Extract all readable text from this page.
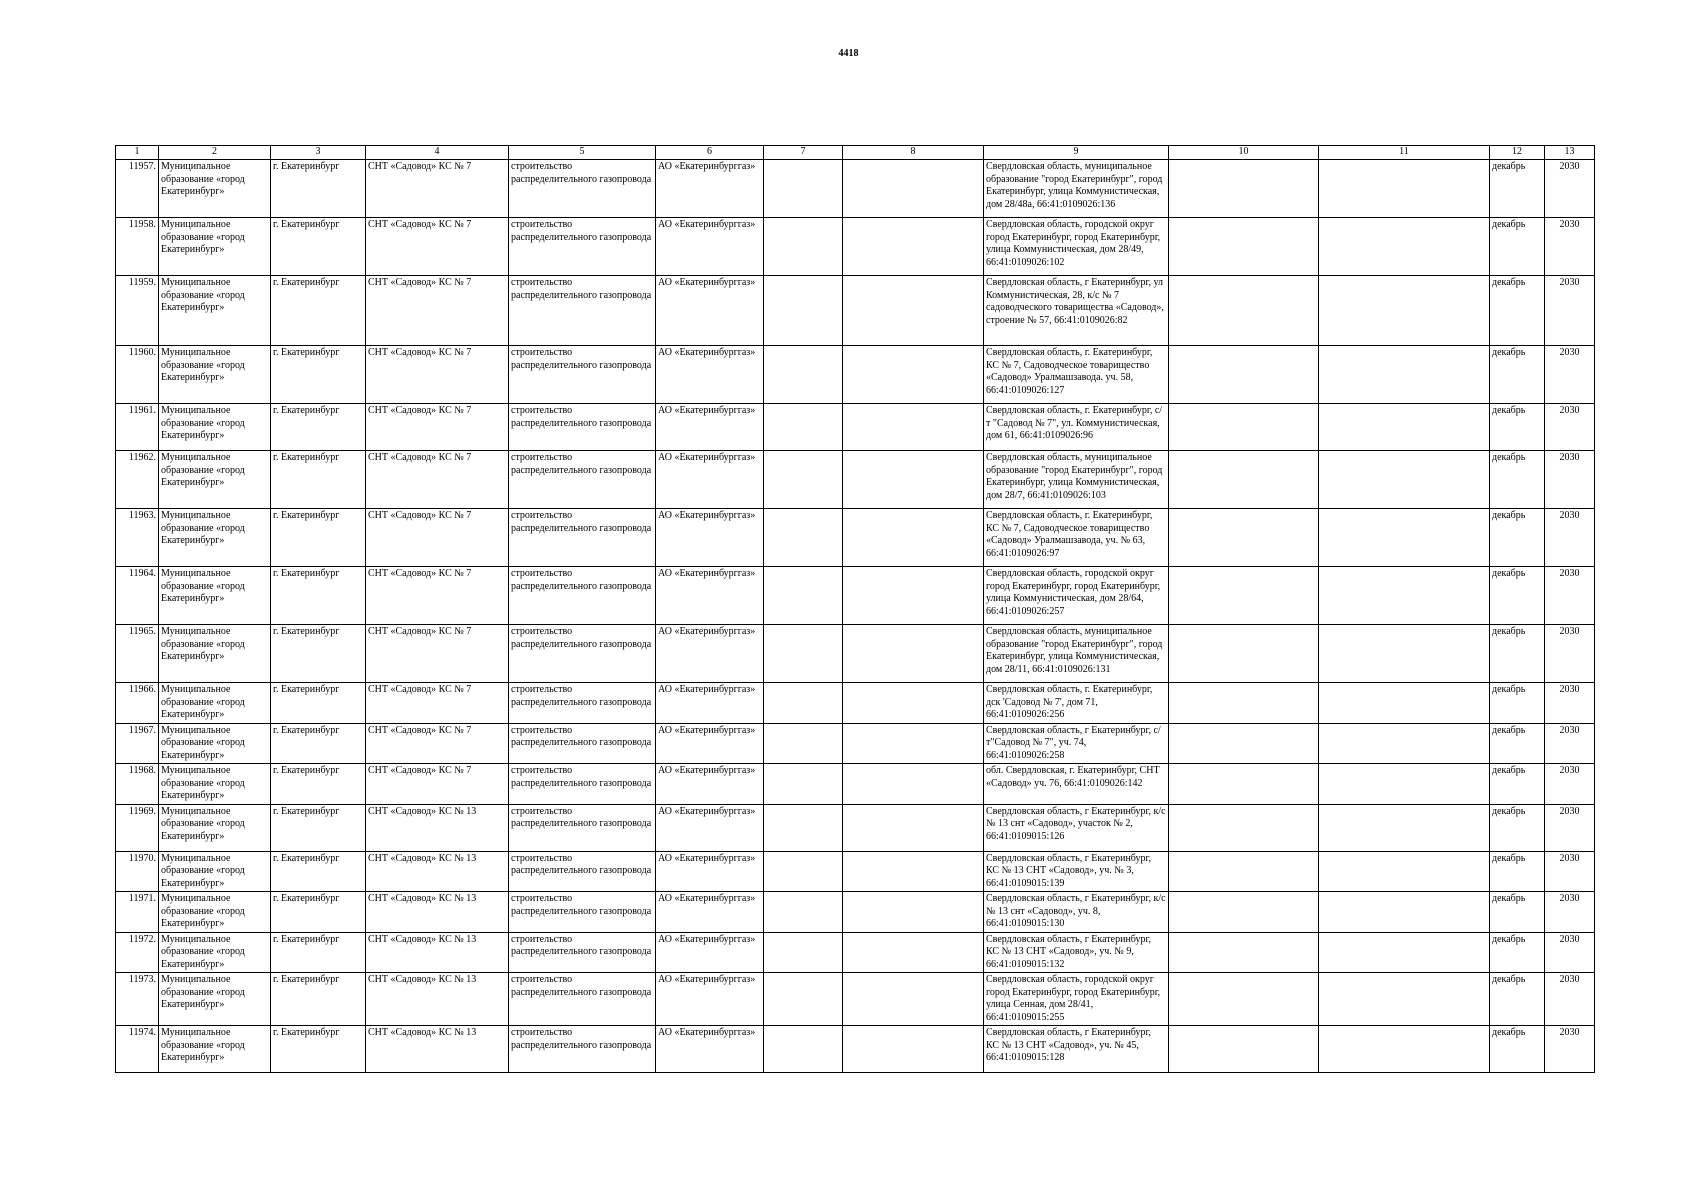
4418
1	2	3	4	5	6	7	8	9	10	11	12	13
11957.	Муниципальное образование «город Екатеринбург»	г. Екатеринбург	СНТ «Садовод» КС № 7	строительство распределительного газопровода	АО «Екатеринбурггаз»			Свердловская область, муниципальное образование "город Екатеринбург", город Екатеринбург, улица Коммунистическая, дом 28/48а, 66:41:0109026:136			декабрь	2030
11958.	Муниципальное образование «город Екатеринбург»	г. Екатеринбург	СНТ «Садовод» КС № 7	строительство распределительного газопровода	АО «Екатеринбурггаз»			Свердловская область, городской округ город Екатеринбург, город Екатеринбург, улица Коммунистическая, дом 28/49, 66:41:0109026:102			декабрь	2030
11959.	Муниципальное образование «город Екатеринбург»	г. Екатеринбург	СНТ «Садовод» КС № 7	строительство распределительного газопровода	АО «Екатеринбурггаз»			Свердловская область, г Екатеринбург, ул Коммунистическая, 28, к/с № 7 садоводческого товарищества «Садовод», строение № 57, 66:41:0109026:82			декабрь	2030
11960.	Муниципальное образование «город Екатеринбург»	г. Екатеринбург	СНТ «Садовод» КС № 7	строительство распределительного газопровода	АО «Екатеринбурггаз»			Свердловская область, г. Екатеринбург, КС № 7, Садоводческое товарищество «Садовод» Уралмашзавода. уч. 58, 66:41:0109026:127			декабрь	2030
11961.	Муниципальное образование «город Екатеринбург»	г. Екатеринбург	СНТ «Садовод» КС № 7	строительство распределительного газопровода	АО «Екатеринбурггаз»			Свердловская область, г. Екатеринбург, с/т "Садовод № 7", ул. Коммунистическая, дом 61, 66:41:0109026:96			декабрь	2030
11962.	Муниципальное образование «город Екатеринбург»	г. Екатеринбург	СНТ «Садовод» КС № 7	строительство распределительного газопровода	АО «Екатеринбурггаз»			Свердловская область, муниципальное образование "город Екатеринбург", город Екатеринбург, улица Коммунистическая, дом 28/7, 66:41:0109026:103			декабрь	2030
11963.	Муниципальное образование «город Екатеринбург»	г. Екатеринбург	СНТ «Садовод» КС № 7	строительство распределительного газопровода	АО «Екатеринбурггаз»			Свердловская область, г. Екатеринбург, КС № 7, Садоводческое товарищество «Садовод» Уралмашзавода, уч. № 63, 66:41:0109026:97			декабрь	2030
11964.	Муниципальное образование «город Екатеринбург»	г. Екатеринбург	СНТ «Садовод» КС № 7	строительство распределительного газопровода	АО «Екатеринбурггаз»			Свердловская область, городской округ город Екатеринбург, город Екатеринбург, улица Коммунистическая, дом 28/64, 66:41:0109026:257			декабрь	2030
11965.	Муниципальное образование «город Екатеринбург»	г. Екатеринбург	СНТ «Садовод» КС № 7	строительство распределительного газопровода	АО «Екатеринбурггаз»			Свердловская область, муниципальное образование "город Екатеринбург", город Екатеринбург, улица Коммунистическая, дом 28/11, 66:41:0109026:131			декабрь	2030
11966.	Муниципальное образование «город Екатеринбург»	г. Екатеринбург	СНТ «Садовод» КС № 7	строительство распределительного газопровода	АО «Екатеринбурггаз»			Свердловская область, г. Екатеринбург, дск 'Садовод № 7', дом 71, 66:41:0109026:256			декабрь	2030
11967.	Муниципальное образование «город Екатеринбург»	г. Екатеринбург	СНТ «Садовод» КС № 7	строительство распределительного газопровода	АО «Екатеринбурггаз»			Свердловская область, г Екатеринбург, с/т"Садовод № 7", уч. 74, 66:41:0109026:258			декабрь	2030
11968.	Муниципальное образование «город Екатеринбург»	г. Екатеринбург	СНТ «Садовод» КС № 7	строительство распределительного газопровода	АО «Екатеринбурггаз»			обл. Свердловская, г. Екатеринбург, СНТ «Садовод» уч. 76, 66:41:0109026:142			декабрь	2030
11969.	Муниципальное образование «город Екатеринбург»	г. Екатеринбург	СНТ «Садовод» КС № 13	строительство распределительного газопровода	АО «Екатеринбурггаз»			Свердловская область, г Екатеринбург, к/с № 13 снт «Садовод», участок № 2, 66:41:0109015:126			декабрь	2030
11970.	Муниципальное образование «город Екатеринбург»	г. Екатеринбург	СНТ «Садовод» КС № 13	строительство распределительного газопровода	АО «Екатеринбурггаз»			Свердловская область, г Екатеринбург, КС № 13 СНТ «Садовод», уч. № 3, 66:41:0109015:139			декабрь	2030
11971.	Муниципальное образование «город Екатеринбург»	г. Екатеринбург	СНТ «Садовод» КС № 13	строительство распределительного газопровода	АО «Екатеринбурггаз»			Свердловская область, г Екатеринбург, к/с № 13 снт «Садовод», уч. 8, 66:41:0109015:130			декабрь	2030
11972.	Муниципальное образование «город Екатеринбург»	г. Екатеринбург	СНТ «Садовод» КС № 13	строительство распределительного газопровода	АО «Екатеринбурггаз»			Свердловская область, г Екатеринбург, КС № 13 СНТ «Садовод», уч. № 9, 66:41:0109015:132			декабрь	2030
11973.	Муниципальное образование «город Екатеринбург»	г. Екатеринбург	СНТ «Садовод» КС № 13	строительство распределительного газопровода	АО «Екатеринбурггаз»			Свердловская область, городской округ город Екатеринбург, город Екатеринбург, улица Сенная, дом 28/41, 66:41:0109015:255			декабрь	2030
11974.	Муниципальное образование «город Екатеринбург»	г. Екатеринбург	СНТ «Садовод» КС № 13	строительство распределительного газопровода	АО «Екатеринбурггаз»			Свердловская область, г Екатеринбург, КС № 13 СНТ «Садовод», уч. № 45, 66:41:0109015:128			декабрь	2030
